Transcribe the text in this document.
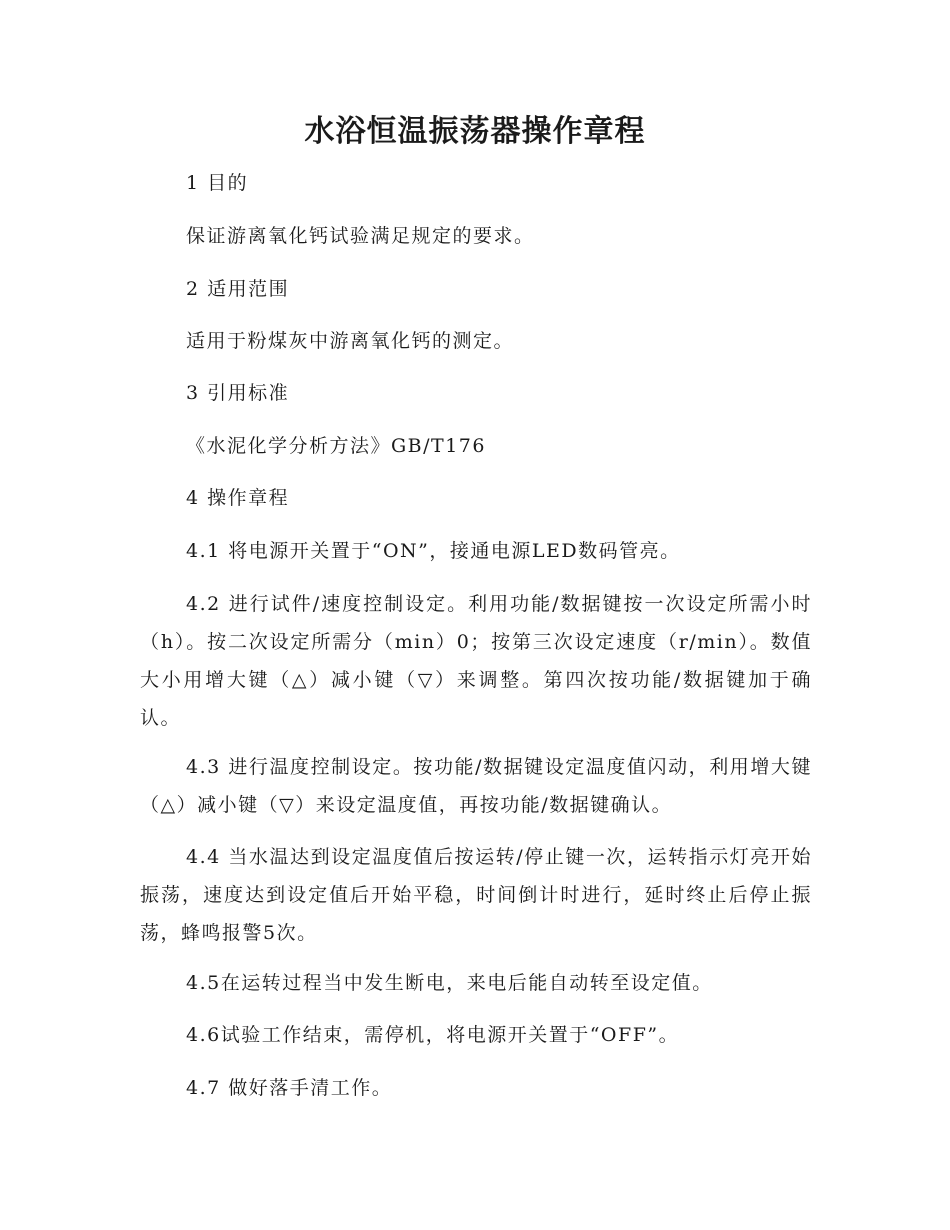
水浴恒温振荡器操作章程

1 目的

保证游离氧化钙试验满足规定的要求。

2 适用范围

适用于粉煤灰中游离氧化钙的测定。

3 引用标准

《水泥化学分析方法》GB/T176

4 操作章程

4.1 将电源开关置于“ON”，接通电源LED数码管亮。

4.2 进行试件/速度控制设定。利用功能/数据键按一次设定所需小时（h）。按二次设定所需分（min）0；按第三次设定速度（r/min）。数值大小用增大键（△）减小键（▽）来调整。第四次按功能/数据键加于确认。

4.3 进行温度控制设定。按功能/数据键设定温度值闪动，利用增大键（△）减小键（▽）来设定温度值，再按功能/数据键确认。

4.4 当水温达到设定温度值后按运转/停止键一次，运转指示灯亮开始振荡，速度达到设定值后开始平稳，时间倒计时进行，延时终止后停止振荡，蜂鸣报警5次。

4.5在运转过程当中发生断电，来电后能自动转至设定值。

4.6试验工作结束，需停机，将电源开关置于“OFF”。

4.7 做好落手清工作。
